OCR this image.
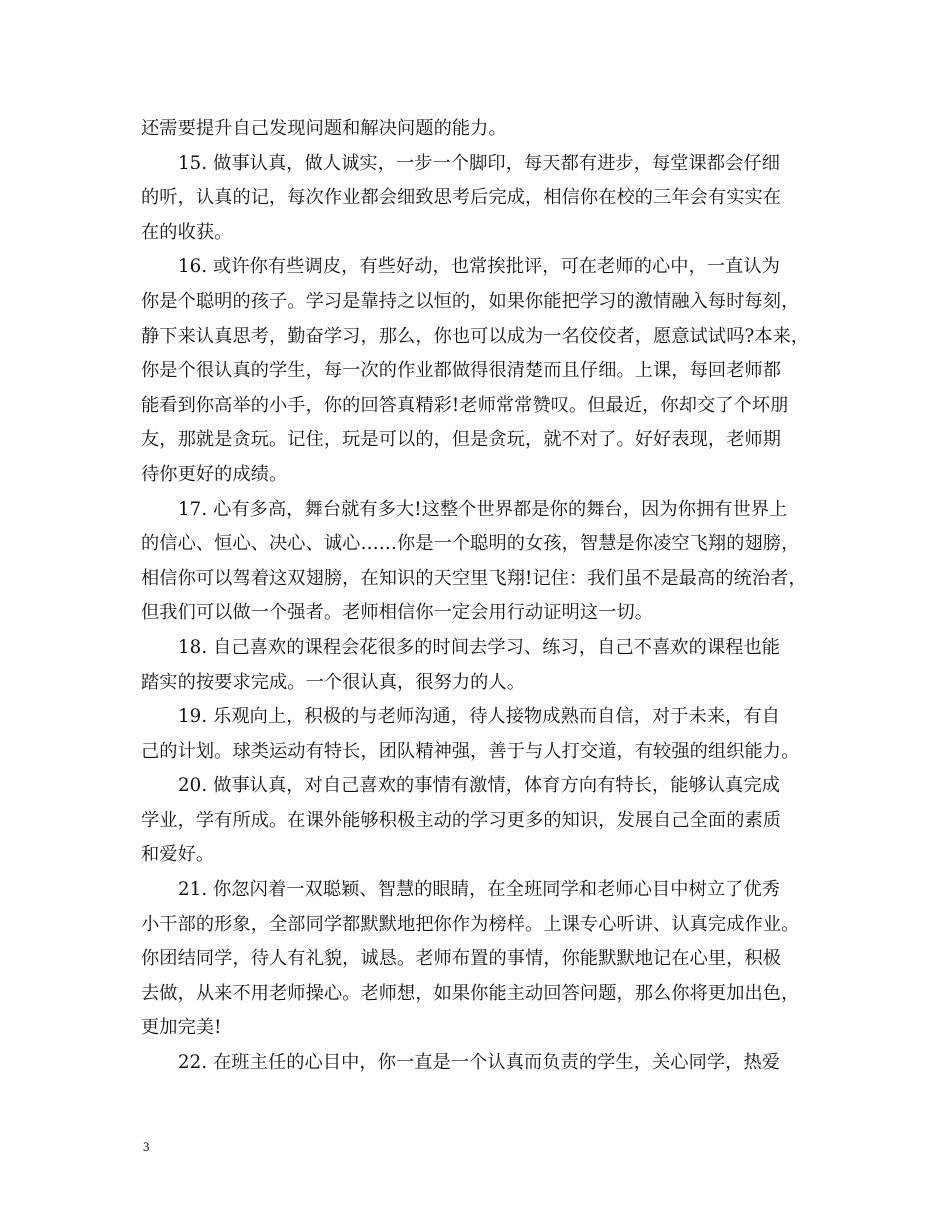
还需要提升自己发现问题和解决问题的能力。
15. 做事认真，做人诚实，一步一个脚印，每天都有进步，每堂课都会仔细
的听，认真的记，每次作业都会细致思考后完成，相信你在校的三年会有实实在
在的收获。
16. 或许你有些调皮，有些好动，也常挨批评，可在老师的心中，一直认为
你是个聪明的孩子。学习是靠持之以恒的，如果你能把学习的激情融入每时每刻，
静下来认真思考，勤奋学习，那么，你也可以成为一名佼佼者，愿意试试吗?本来，
你是个很认真的学生，每一次的作业都做得很清楚而且仔细。上课，每回老师都
能看到你高举的小手，你的回答真精彩!老师常常赞叹。但最近，你却交了个坏朋
友，那就是贪玩。记住，玩是可以的，但是贪玩，就不对了。好好表现，老师期
待你更好的成绩。
17. 心有多高，舞台就有多大!这整个世界都是你的舞台，因为你拥有世界上
的信心、恒心、决心、诚心……你是一个聪明的女孩，智慧是你凌空飞翔的翅膀，
相信你可以驾着这双翅膀，在知识的天空里飞翔!记住：我们虽不是最高的统治者，
但我们可以做一个强者。老师相信你一定会用行动证明这一切。
18. 自己喜欢的课程会花很多的时间去学习、练习，自己不喜欢的课程也能
踏实的按要求完成。一个很认真，很努力的人。
19. 乐观向上，积极的与老师沟通，待人接物成熟而自信，对于未来，有自
己的计划。球类运动有特长，团队精神强，善于与人打交道，有较强的组织能力。
20. 做事认真，对自己喜欢的事情有激情，体育方向有特长，能够认真完成
学业，学有所成。在课外能够积极主动的学习更多的知识，发展自己全面的素质
和爱好。
21. 你忽闪着一双聪颖、智慧的眼睛，在全班同学和老师心目中树立了优秀
小干部的形象，全部同学都默默地把你作为榜样。上课专心听讲、认真完成作业。
你团结同学，待人有礼貌，诚恳。老师布置的事情，你能默默地记在心里，积极
去做，从来不用老师操心。老师想，如果你能主动回答问题，那么你将更加出色，
更加完美!
22. 在班主任的心目中，你一直是一个认真而负责的学生，关心同学，热爱
3
